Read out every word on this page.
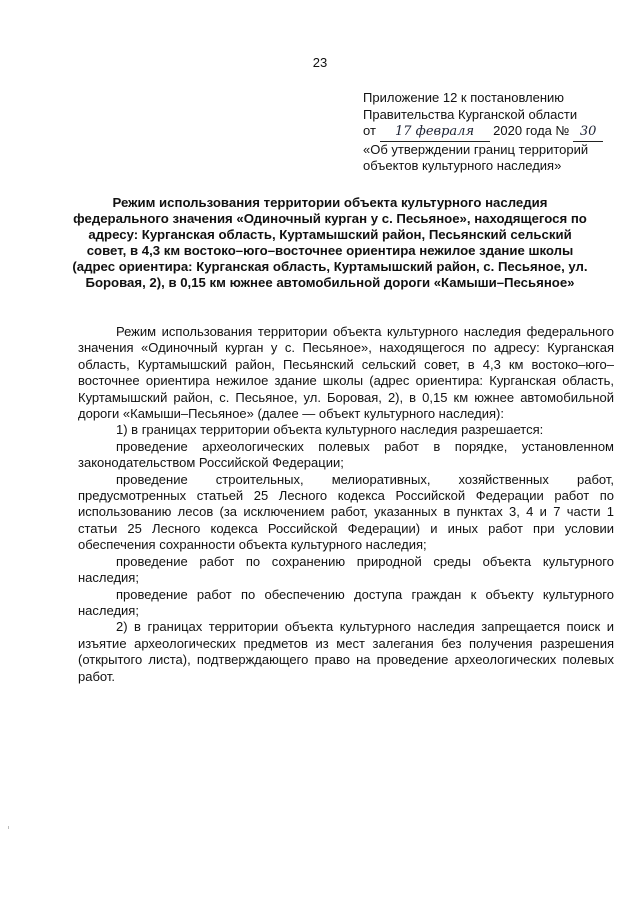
23
Приложение 12 к постановлению
Правительства Курганской области
от 17 февраля 2020 года № 30
«Об утверждении границ территорий
объектов культурного наследия»
Режим использования территории объекта культурного наследия федерального значения «Одиночный курган у с. Песьяное», находящегося по адресу: Курганская область, Куртамышский район, Песьянский сельский совет, в 4,3 км востоко–юго–восточнее ориентира нежилое здание школы (адрес ориентира: Курганская область, Куртамышский район, с. Песьяное, ул. Боровая, 2), в 0,15 км южнее автомобильной дороги «Камыши–Песьяное»

Режим использования территории объекта культурного наследия федерального значения «Одиночный курган у с. Песьяное», находящегося по адресу: Курганская область, Куртамышский район, Песьянский сельский совет, в 4,3 км востоко–юго–восточнее ориентира нежилое здание школы (адрес ориентира: Курганская область, Куртамышский район, с. Песьяное, ул. Боровая, 2), в 0,15 км южнее автомобильной дороги «Камыши–Песьяное» (далее — объект культурного наследия):

1) в границах территории объекта культурного наследия разрешается:

проведение археологических полевых работ в порядке, установленном законодательством Российской Федерации;

проведение строительных, мелиоративных, хозяйственных работ, предусмотренных статьей 25 Лесного кодекса Российской Федерации работ по использованию лесов (за исключением работ, указанных в пунктах 3, 4 и 7 части 1 статьи 25 Лесного кодекса Российской Федерации) и иных работ при условии обеспечения сохранности объекта культурного наследия;

проведение работ по сохранению природной среды объекта культурного наследия;

проведение работ по обеспечению доступа граждан к объекту культурного наследия;

2) в границах территории объекта культурного наследия запрещается поиск и изъятие археологических предметов из мест залегания без получения разрешения (открытого листа), подтверждающего право на проведение археологических полевых работ.
